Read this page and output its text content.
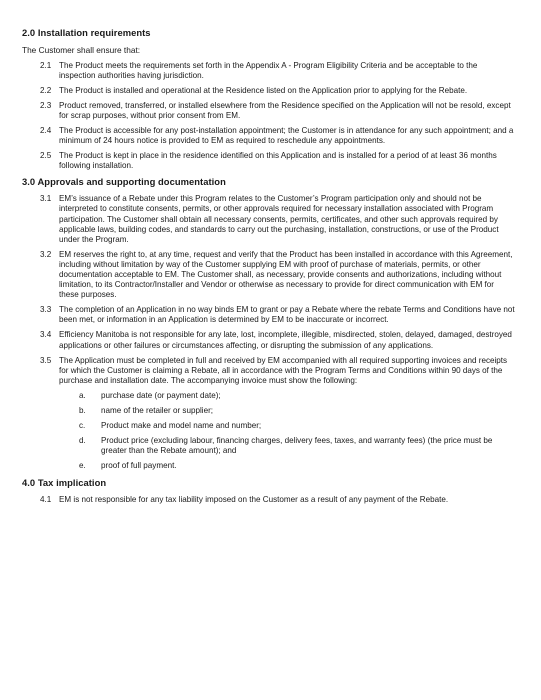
2.0 Installation requirements

The Customer shall ensure that:

2.1 The Product meets the requirements set forth in the Appendix A - Program Eligibility Criteria and be acceptable to the inspection authorities having jurisdiction.
2.2 The Product is installed and operational at the Residence listed on the Application prior to applying for the Rebate.
2.3 Product removed, transferred, or installed elsewhere from the Residence specified on the Application will not be resold, except for scrap purposes, without prior consent from EM.
2.4 The Product is accessible for any post-installation appointment; the Customer is in attendance for any such appointment; and a minimum of 24 hours notice is provided to EM as required to reschedule any appointments.
2.5 The Product is kept in place in the residence identified on this Application and is installed for a period of at least 36 months following installation.
3.0 Approvals and supporting documentation
3.1 EM’s issuance of a Rebate under this Program relates to the Customer’s Program participation only and should not be interpreted to constitute consents, permits, or other approvals required for necessary installation associated with Program participation. The Customer shall obtain all necessary consents, permits, certificates, and other such approvals required by applicable laws, building codes, and standards to carry out the purchasing, installation, constructions, or use of the Product under the Program.
3.2 EM reserves the right to, at any time, request and verify that the Product has been installed in accordance with this Agreement, including without limitation by way of the Customer supplying EM with proof of purchase of materials, permits, or other documentation acceptable to EM. The Customer shall, as necessary, provide consents and authorizations, including without limitation, to its Contractor/Installer and Vendor or otherwise as necessary to provide for direct communication with EM for these purposes.
3.3 The completion of an Application in no way binds EM to grant or pay a Rebate where the rebate Terms and Conditions have not been met, or information in an Application is determined by EM to be inaccurate or incorrect.
3.4 Efficiency Manitoba is not responsible for any late, lost, incomplete, illegible, misdirected, stolen, delayed, damaged, destroyed applications or other failures or circumstances affecting, or disrupting the submission of any applications.
3.5 The Application must be completed in full and received by EM accompanied with all required supporting invoices and receipts for which the Customer is claiming a Rebate, all in accordance with the Program Terms and Conditions within 90 days of the purchase and installation date. The accompanying invoice must show the following:
a.	purchase date (or payment date);
b.	name of the retailer or supplier;
c.	Product make and model name and number;
d.	Product price (excluding labour, financing charges, delivery fees, taxes, and warranty fees) (the price must be greater than the Rebate amount); and
e.	proof of full payment.
4.0 Tax implication
4.1 EM is not responsible for any tax liability imposed on the Customer as a result of any payment of the Rebate.
